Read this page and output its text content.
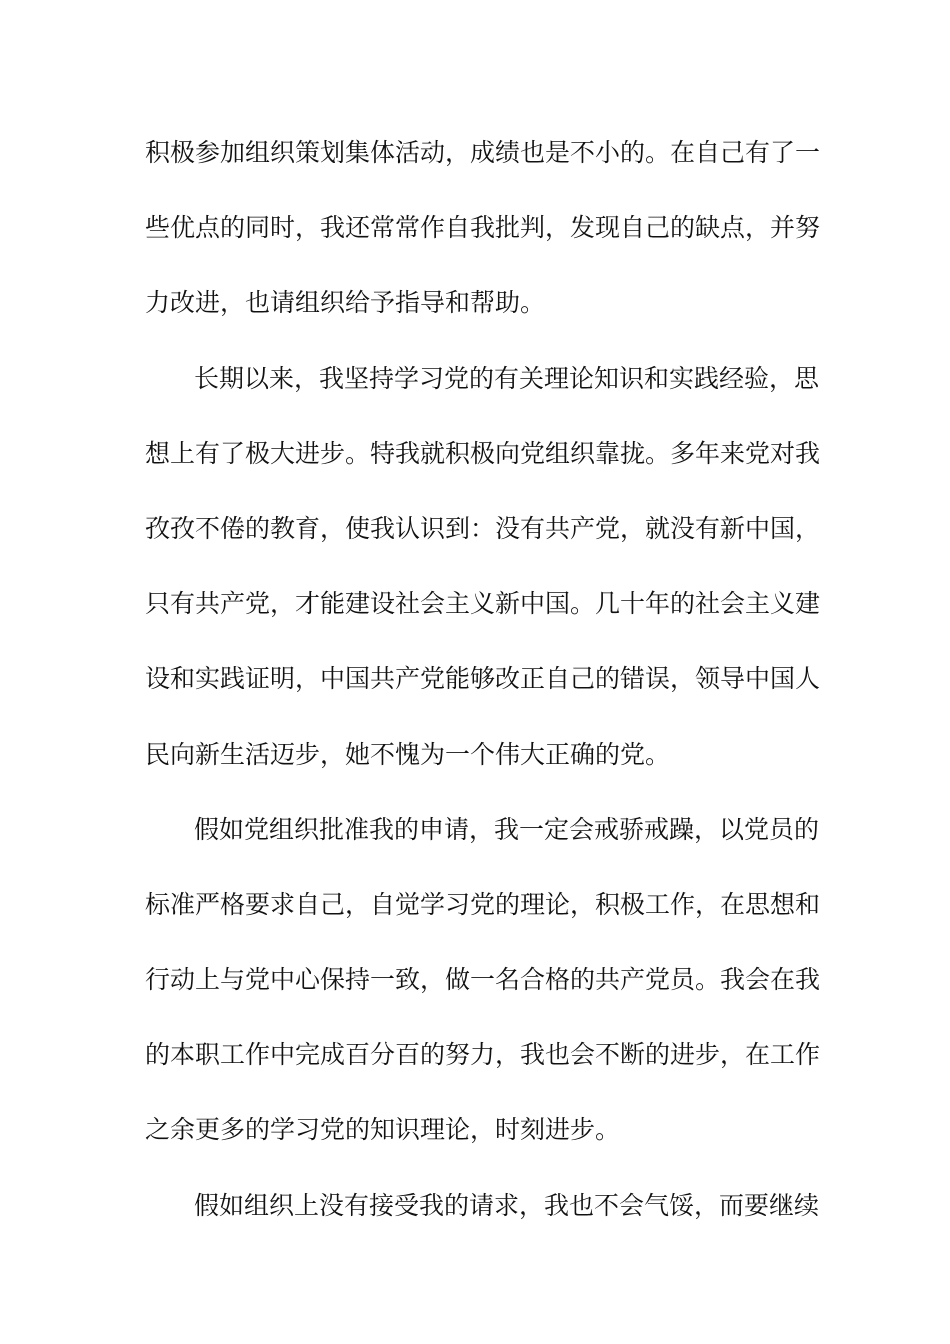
积极参加组织策划集体活动，成绩也是不小的。在自己有了一
些优点的同时，我还常常作自我批判，发现自己的缺点，并努
力改进，也请组织给予指导和帮助。
长期以来，我坚持学习党的有关理论知识和实践经验，思
想上有了极大进步。特我就积极向党组织靠拢。多年来党对我
孜孜不倦的教育，使我认识到：没有共产党，就没有新中国，
只有共产党，才能建设社会主义新中国。几十年的社会主义建
设和实践证明，中国共产党能够改正自己的错误，领导中国人
民向新生活迈步，她不愧为一个伟大正确的党。
假如党组织批准我的申请，我一定会戒骄戒躁，以党员的
标准严格要求自己，自觉学习党的理论，积极工作，在思想和
行动上与党中心保持一致，做一名合格的共产党员。我会在我
的本职工作中完成百分百的努力，我也会不断的进步，在工作
之余更多的学习党的知识理论，时刻进步。
假如组织上没有接受我的请求，我也不会气馁，而要继续
